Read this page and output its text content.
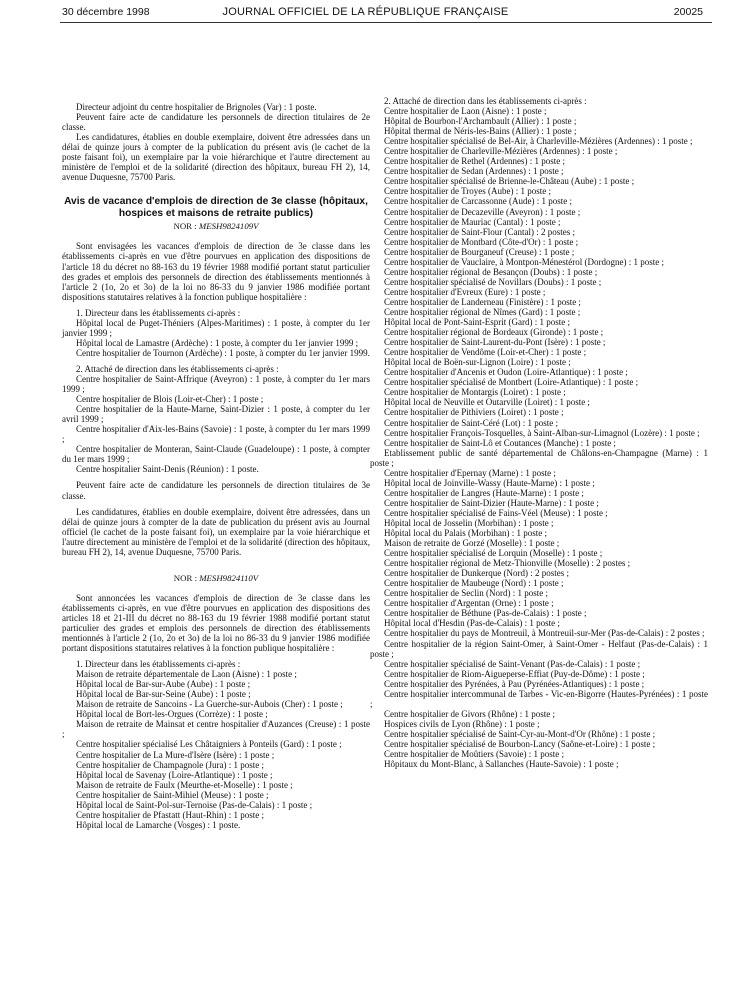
30 décembre 1998	JOURNAL OFFICIEL DE LA RÉPUBLIQUE FRANÇAISE	20025

Directeur adjoint du centre hospitalier de Brignoles (Var) : 1 poste.

Peuvent faire acte de candidature les personnels de direction titulaires de 2e classe.

Les candidatures, établies en double exemplaire, doivent être adressées dans un délai de quinze jours à compter de la publication du présent avis (le cachet de la poste faisant foi), un exemplaire par la voie hiérarchique et l'autre directement au ministère de l'emploi et de la solidarité (direction des hôpitaux, bureau FH 2), 14, avenue Duquesne, 75700 Paris.

Avis de vacance d'emplois de direction de 3e classe (hôpitaux, hospices et maisons de retraite publics)
NOR : MESH9824109V

Sont envisagées les vacances d'emplois de direction de 3e classe dans les établissements ci-après en vue d'être pourvues en application des dispositions de l'article 18 du décret no 88-163 du 19 février 1988 modifié portant statut particulier des grades et emplois des personnels de direction des établissements mentionnés à l'article 2 (1o, 2o et 3o) de la loi no 86-33 du 9 janvier 1986 modifiée portant dispositions statutaires relatives à la fonction publique hospitalière :

1. Directeur dans les établissements ci-après :

Hôpital local de Puget-Théniers (Alpes-Maritimes) : 1 poste, à compter du 1er janvier 1999 ;

Hôpital local de Lamastre (Ardèche) : 1 poste, à compter du 1er janvier 1999 ;

Centre hospitalier de Tournon (Ardèche) : 1 poste, à compter du 1er janvier 1999.

2. Attaché de direction dans les établissements ci-après :

Centre hospitalier de Saint-Affrique (Aveyron) : 1 poste, à compter du 1er mars 1999 ;

Centre hospitalier de Blois (Loir-et-Cher) : 1 poste ;

Centre hospitalier de la Haute-Marne, Saint-Dizier : 1 poste, à compter du 1er avril 1999 ;

Centre hospitalier d'Aix-les-Bains (Savoie) : 1 poste, à compter du 1er mars 1999 ;

Centre hospitalier de Monteran, Saint-Claude (Guadeloupe) : 1 poste, à compter du 1er mars 1999 ;

Centre hospitalier Saint-Denis (Réunion) : 1 poste.

Peuvent faire acte de candidature les personnels de direction titulaires de 3e classe.

Les candidatures, établies en double exemplaire, doivent être adressées, dans un délai de quinze jours à compter de la date de publication du présent avis au Journal officiel (le cachet de la poste faisant foi), un exemplaire par la voie hiérarchique et l'autre directement au ministère de l'emploi et de la solidarité (direction des hôpitaux, bureau FH 2), 14, avenue Duquesne, 75700 Paris.

NOR : MESH9824110V

Sont annoncées les vacances d'emplois de direction de 3e classe dans les établissements ci-après, en vue d'être pourvues en application des dispositions des articles 18 et 21-III du décret no 88-163 du 19 février 1988 modifié portant statut particulier des grades et emplois des personnels de direction des établissements mentionnés à l'article 2 (1o, 2o et 3o) de la loi no 86-33 du 9 janvier 1986 modifiée portant dispositions statutaires relatives à la fonction publique hospitalière :

1. Directeur dans les établissements ci-après :

Maison de retraite départementale de Laon (Aisne) : 1 poste ;

Hôpital local de Bar-sur-Aube (Aube) : 1 poste ;

Hôpital local de Bar-sur-Seine (Aube) : 1 poste ;

Maison de retraite de Sancoins - La Guerche-sur-Aubois (Cher) : 1 poste ;

Hôpital local de Bort-les-Orgues (Corrèze) : 1 poste ;

Maison de retraite de Mainsat et centre hospitalier d'Auzances (Creuse) : 1 poste ;

Centre hospitalier spécialisé Les Châtaigniers à Ponteils (Gard) : 1 poste ;

Centre hospitalier de La Mure-d'Isère (Isère) : 1 poste ;

Centre hospitalier de Champagnole (Jura) : 1 poste ;

Hôpital local de Savenay (Loire-Atlantique) : 1 poste ;

Maison de retraite de Faulx (Meurthe-et-Moselle) : 1 poste ;

Centre hospitalier de Saint-Mihiel (Meuse) : 1 poste ;

Hôpital local de Saint-Pol-sur-Ternoise (Pas-de-Calais) : 1 poste ;

Centre hospitalier de Pfastatt (Haut-Rhin) : 1 poste ;

Hôpital local de Lamarche (Vosges) : 1 poste.

2. Attaché de direction dans les établissements ci-après :

Centre hospitalier de Laon (Aisne) : 1 poste ;

Hôpital de Bourbon-l'Archambault (Allier) : 1 poste ;

Hôpital thermal de Néris-les-Bains (Allier) : 1 poste ;

Centre hospitalier spécialisé de Bel-Air, à Charleville-Mézières (Ardennes) : 1 poste ;

Centre hospitalier de Charleville-Mézières (Ardennes) : 1 poste ;

Centre hospitalier de Rethel (Ardennes) : 1 poste ;

Centre hospitalier de Sedan (Ardennes) : 1 poste ;

Centre hospitalier spécialisé de Brienne-le-Château (Aube) : 1 poste ;

Centre hospitalier de Troyes (Aube) : 1 poste ;

Centre hospitalier de Carcassonne (Aude) : 1 poste ;

Centre hospitalier de Decazeville (Aveyron) : 1 poste ;

Centre hospitalier de Mauriac (Cantal) : 1 poste ;

Centre hospitalier de Saint-Flour (Cantal) : 2 postes ;

Centre hospitalier de Montbard (Côte-d'Or) : 1 poste ;

Centre hospitalier de Bourganeuf (Creuse) : 1 poste ;

Centre hospitalier de Vauclaire, à Montpon-Ménestérol (Dordogne) : 1 poste ;

Centre hospitalier régional de Besançon (Doubs) : 1 poste ;

Centre hospitalier spécialisé de Novillars (Doubs) : 1 poste ;

Centre hospitalier d'Evreux (Eure) : 1 poste ;

Centre hospitalier de Landerneau (Finistère) : 1 poste ;

Centre hospitalier régional de Nîmes (Gard) : 1 poste ;

Hôpital local de Pont-Saint-Esprit (Gard) : 1 poste ;

Centre hospitalier régional de Bordeaux (Gironde) : 1 poste ;

Centre hospitalier de Saint-Laurent-du-Pont (Isère) : 1 poste ;

Centre hospitalier de Vendôme (Loir-et-Cher) : 1 poste ;

Hôpital local de Boën-sur-Lignon (Loire) : 1 poste ;

Centre hospitalier d'Ancenis et Oudon (Loire-Atlantique) : 1 poste ;

Centre hospitalier spécialisé de Montbert (Loire-Atlantique) : 1 poste ;

Centre hospitalier de Montargis (Loiret) : 1 poste ;

Hôpital local de Neuville et Outarville (Loiret) : 1 poste ;

Centre hospitalier de Pithiviers (Loiret) : 1 poste ;

Centre hospitalier de Saint-Céré (Lot) : 1 poste ;

Centre hospitalier François-Tosquelles, à Saint-Alban-sur-Limagnol (Lozère) : 1 poste ;

Centre hospitalier de Saint-Lô et Coutances (Manche) : 1 poste ;

Etablissement public de santé départemental de Châlons-en-Champagne (Marne) : 1 poste ;

Centre hospitalier d'Epernay (Marne) : 1 poste ;

Hôpital local de Joinville-Wassy (Haute-Marne) : 1 poste ;

Centre hospitalier de Langres (Haute-Marne) : 1 poste ;

Centre hospitalier de Saint-Dizier (Haute-Marne) : 1 poste ;

Centre hospitalier spécialisé de Fains-Véel (Meuse) : 1 poste ;

Hôpital local de Josselin (Morbihan) : 1 poste ;

Hôpital local du Palais (Morbihan) : 1 poste ;

Maison de retraite de Gorzé (Moselle) : 1 poste ;

Centre hospitalier spécialisé de Lorquin (Moselle) : 1 poste ;

Centre hospitalier régional de Metz-Thionville (Moselle) : 2 postes ;

Centre hospitalier de Dunkerque (Nord) : 2 postes ;

Centre hospitalier de Maubeuge (Nord) : 1 poste ;

Centre hospitalier de Seclin (Nord) : 1 poste ;

Centre hospitalier d'Argentan (Orne) : 1 poste ;

Centre hospitalier de Béthune (Pas-de-Calais) : 1 poste ;

Hôpital local d'Hesdin (Pas-de-Calais) : 1 poste ;

Centre hospitalier du pays de Montreuil, à Montreuil-sur-Mer (Pas-de-Calais) : 2 postes ;

Centre hospitalier de la région Saint-Omer, à Saint-Omer - Helfaut (Pas-de-Calais) : 1 poste ;

Centre hospitalier spécialisé de Saint-Venant (Pas-de-Calais) : 1 poste ;

Centre hospitalier de Riom-Aigueperse-Effiat (Puy-de-Dôme) : 1 poste ;

Centre hospitalier des Pyrénées, à Pau (Pyrénées-Atlantiques) : 1 poste ;

Centre hospitalier intercommunal de Tarbes - Vic-en-Bigorre (Hautes-Pyrénées) : 1 poste ;

Centre hospitalier de Givors (Rhône) : 1 poste ;

Hospices civils de Lyon (Rhône) : 1 poste ;

Centre hospitalier spécialisé de Saint-Cyr-au-Mont-d'Or (Rhône) : 1 poste ;

Centre hospitalier spécialisé de Bourbon-Lancy (Saône-et-Loire) : 1 poste ;

Centre hospitalier de Moûtiers (Savoie) : 1 poste ;

Hôpitaux du Mont-Blanc, à Sallanches (Haute-Savoie) : 1 poste ;
